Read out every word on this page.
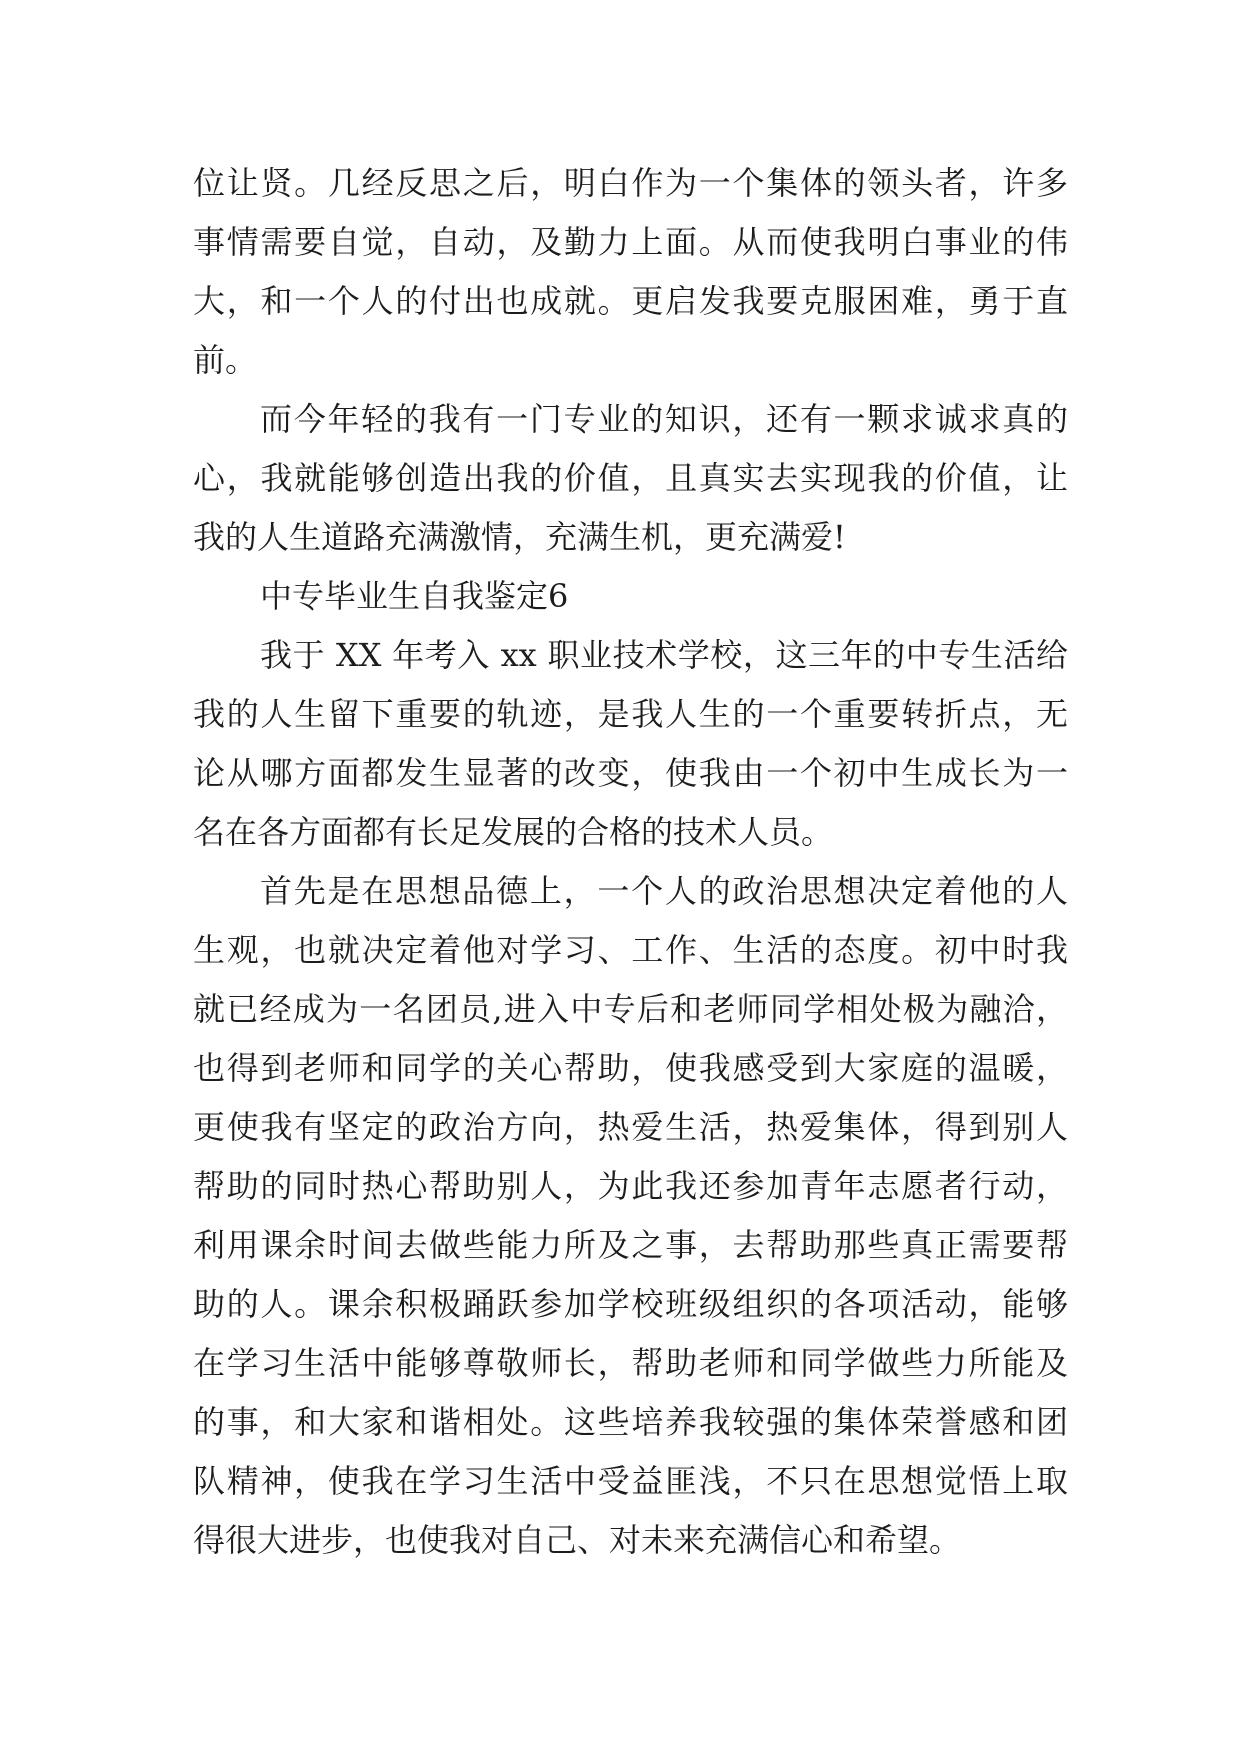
位让贤。几经反思之后，明白作为一个集体的领头者，许多
事情需要自觉，自动，及勤力上面。从而使我明白事业的伟
大，和一个人的付出也成就。更启发我要克服困难，勇于直
前。
而今年轻的我有一门专业的知识，还有一颗求诚求真的
心，我就能够创造出我的价值，且真实去实现我的价值，让
我的人生道路充满激情，充满生机，更充满爱!
中专毕业生自我鉴定6
我于 XX 年考入 xx 职业技术学校，这三年的中专生活给
我的人生留下重要的轨迹，是我人生的一个重要转折点，无
论从哪方面都发生显著的改变，使我由一个初中生成长为一
名在各方面都有长足发展的合格的技术人员。
首先是在思想品德上，一个人的政治思想决定着他的人
生观，也就决定着他对学习、工作、生活的态度。初中时我
就已经成为一名团员,进入中专后和老师同学相处极为融洽，
也得到老师和同学的关心帮助，使我感受到大家庭的温暖，
更使我有坚定的政治方向，热爱生活，热爱集体，得到别人
帮助的同时热心帮助别人，为此我还参加青年志愿者行动，
利用课余时间去做些能力所及之事，去帮助那些真正需要帮
助的人。课余积极踊跃参加学校班级组织的各项活动，能够
在学习生活中能够尊敬师长，帮助老师和同学做些力所能及
的事，和大家和谐相处。这些培养我较强的集体荣誉感和团
队精神，使我在学习生活中受益匪浅，不只在思想觉悟上取
得很大进步，也使我对自己、对未来充满信心和希望。
